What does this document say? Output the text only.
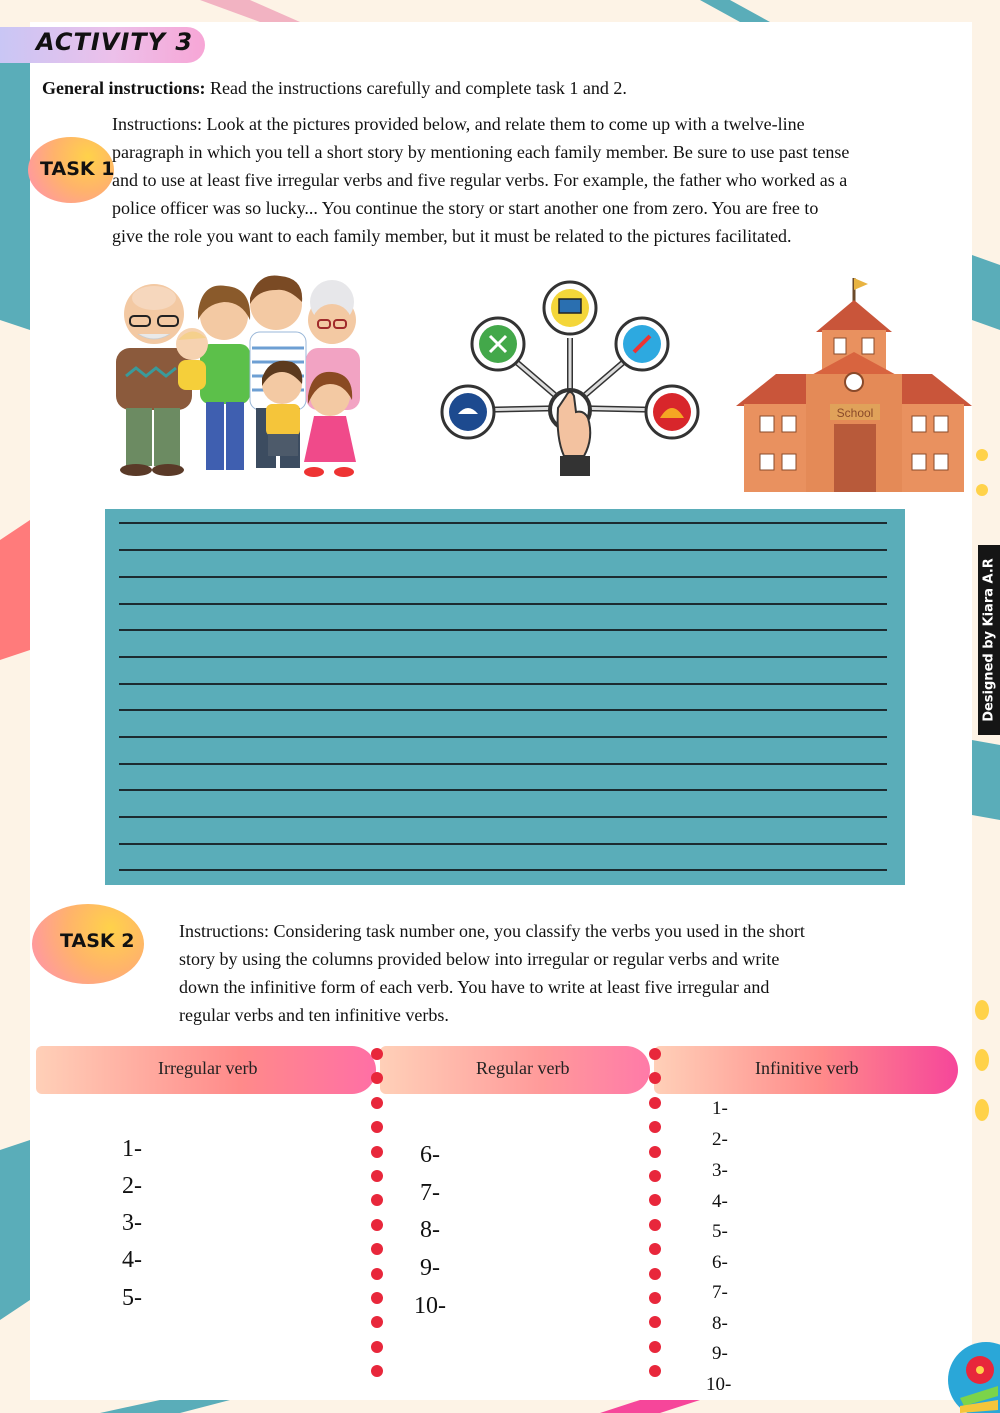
ACTIVITY 3
General instructions: Read the instructions carefully and complete task 1 and 2.
TASK 1
Instructions: Look at the pictures provided below, and relate them to come up with a twelve-line
paragraph in which you tell a short story by mentioning each family member. Be sure to use past tense
and to use at least five irregular verbs and five regular verbs. For example, the father who worked as a
police officer was so lucky... You continue the story or start another one from zero. You are free to
give the role you want to each family member, but it must be related to the pictures facilitated.
School
TASK 2 Instructions: Considering task number one, you classify the verbs you used in the short
story by using the columns provided below into irregular or regular verbs and write
down the infinitive form of each verb. You have to write at least five irregular and
regular verbs and ten infinitive verbs.
Irregular verb	Regular verb	Infinitive verb
1-
2-
3-
4-
5-
6-
7-
8-
9-
10-
1-
2-
3-
4-
5-
6-
7-
8-
9-
10-
Designed by Kiara A.R
